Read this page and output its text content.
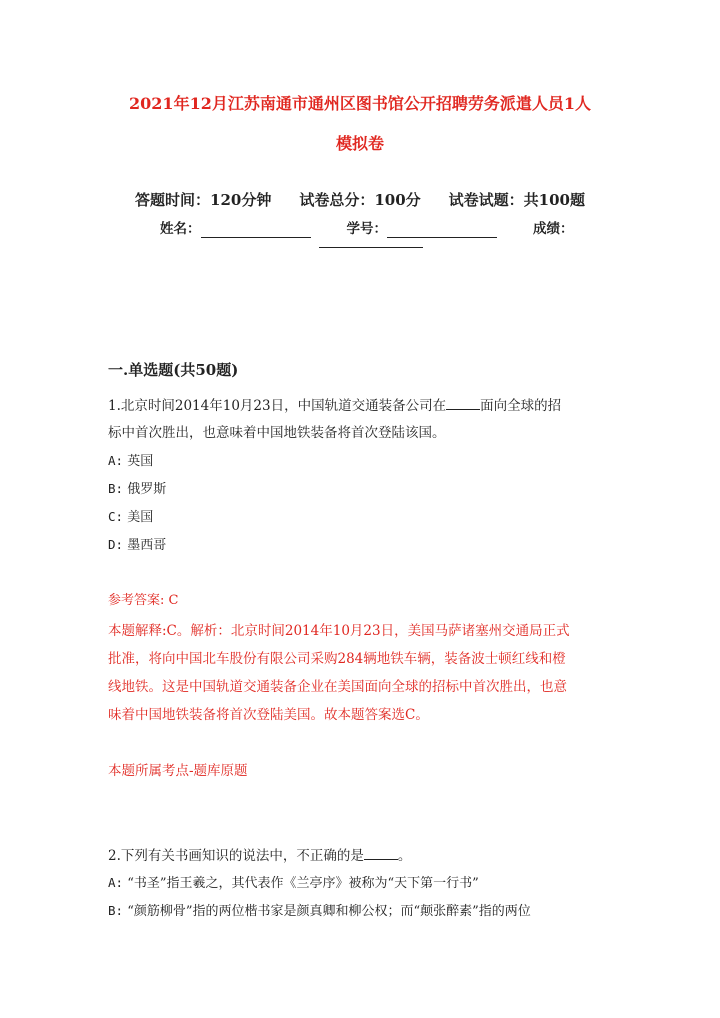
2021年12月江苏南通市通州区图书馆公开招聘劳务派遣人员1人
模拟卷
答题时间： 120分钟 试卷总分： 100分 试卷试题： 共100题
姓名：	学号：	成绩：
一.单选题(共50题)
1.北京时间2014年10月23日，中国轨道交通装备公司在	面向全球的招
标中首次胜出，也意味着中国地铁装备将首次登陆该国。
A: 英国
B: 俄罗斯
C: 美国
D: 墨西哥
参考答案: C
本题解释:C。解析：北京时间2014年10月23日，美国马萨诸塞州交通局正式
批准，将向中国北车股份有限公司采购284辆地铁车辆，装备波士顿红线和橙
线地铁。这是中国轨道交通装备企业在美国面向全球的招标中首次胜出，也意
味着中国地铁装备将首次登陆美国。故本题答案选C。
本题所属考点-题库原题
2.下列有关书画知识的说法中，不正确的是	。
A: “书圣”指王羲之，其代表作《兰亭序》被称为“天下第一行书”
B: “颜筋柳骨”指的两位楷书家是颜真卿和柳公权；而“颠张醉素”指的两位
